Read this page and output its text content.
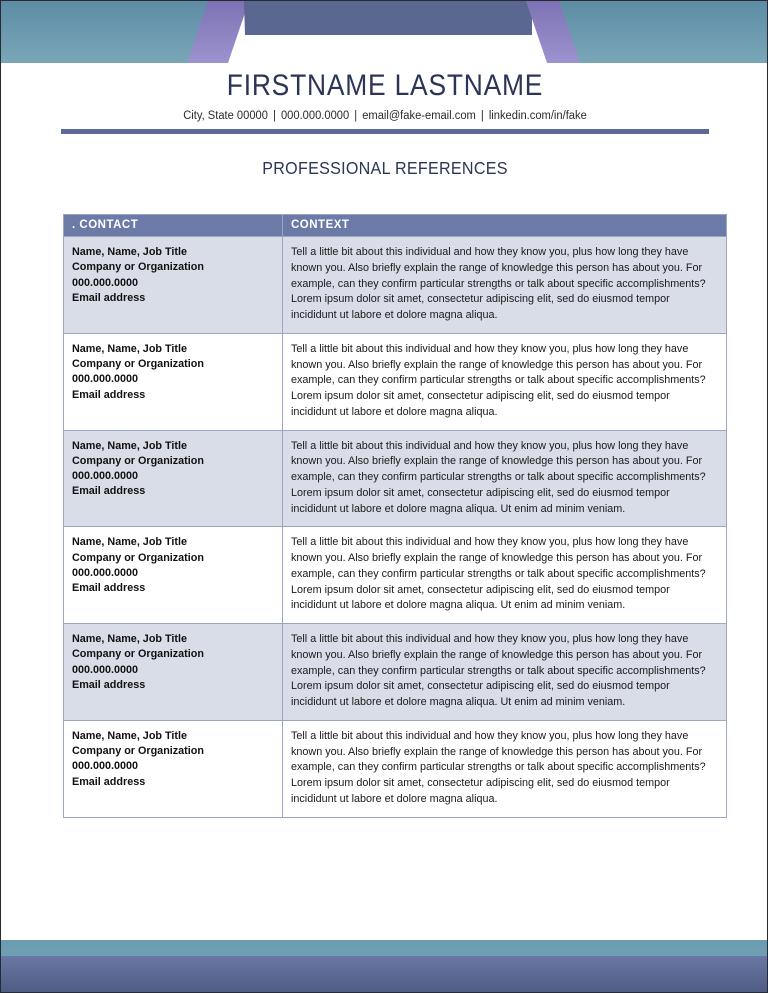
FIRSTNAME LASTNAME
City, State 00000 | 000.000.0000 | email@fake-email.com | linkedin.com/in/fake
PROFESSIONAL REFERENCES
. CONTACT	CONTEXT

Name, Name, Job Title
Company or Organization
000.000.0000
Email address
	Tell a little bit about this individual and how they know you, plus how long they have known you. Also briefly explain the range of knowledge this person has about you. For example, can they confirm particular strengths or talk about specific accomplishments? Lorem ipsum dolor sit amet, consectetur adipiscing elit, sed do eiusmod tempor incididunt ut labore et dolore magna aliqua.

Name, Name, Job Title
Company or Organization
000.000.0000
Email address
	Tell a little bit about this individual and how they know you, plus how long they have known you. Also briefly explain the range of knowledge this person has about you. For example, can they confirm particular strengths or talk about specific accomplishments? Lorem ipsum dolor sit amet, consectetur adipiscing elit, sed do eiusmod tempor incididunt ut labore et dolore magna aliqua.

Name, Name, Job Title
Company or Organization
000.000.0000
Email address
	Tell a little bit about this individual and how they know you, plus how long they have known you. Also briefly explain the range of knowledge this person has about you. For example, can they confirm particular strengths or talk about specific accomplishments? Lorem ipsum dolor sit amet, consectetur adipiscing elit, sed do eiusmod tempor incididunt ut labore et dolore magna aliqua. Ut enim ad minim veniam.

Name, Name, Job Title
Company or Organization
000.000.0000
Email address
	Tell a little bit about this individual and how they know you, plus how long they have known you. Also briefly explain the range of knowledge this person has about you. For example, can they confirm particular strengths or talk about specific accomplishments? Lorem ipsum dolor sit amet, consectetur adipiscing elit, sed do eiusmod tempor incididunt ut labore et dolore magna aliqua. Ut enim ad minim veniam.

Name, Name, Job Title
Company or Organization
000.000.0000
Email address
	Tell a little bit about this individual and how they know you, plus how long they have known you. Also briefly explain the range of knowledge this person has about you. For example, can they confirm particular strengths or talk about specific accomplishments? Lorem ipsum dolor sit amet, consectetur adipiscing elit, sed do eiusmod tempor incididunt ut labore et dolore magna aliqua. Ut enim ad minim veniam.

Name, Name, Job Title
Company or Organization
000.000.0000
Email address
	Tell a little bit about this individual and how they know you, plus how long they have known you. Also briefly explain the range of knowledge this person has about you. For example, can they confirm particular strengths or talk about specific accomplishments? Lorem ipsum dolor sit amet, consectetur adipiscing elit, sed do eiusmod tempor incididunt ut labore et dolore magna aliqua.
